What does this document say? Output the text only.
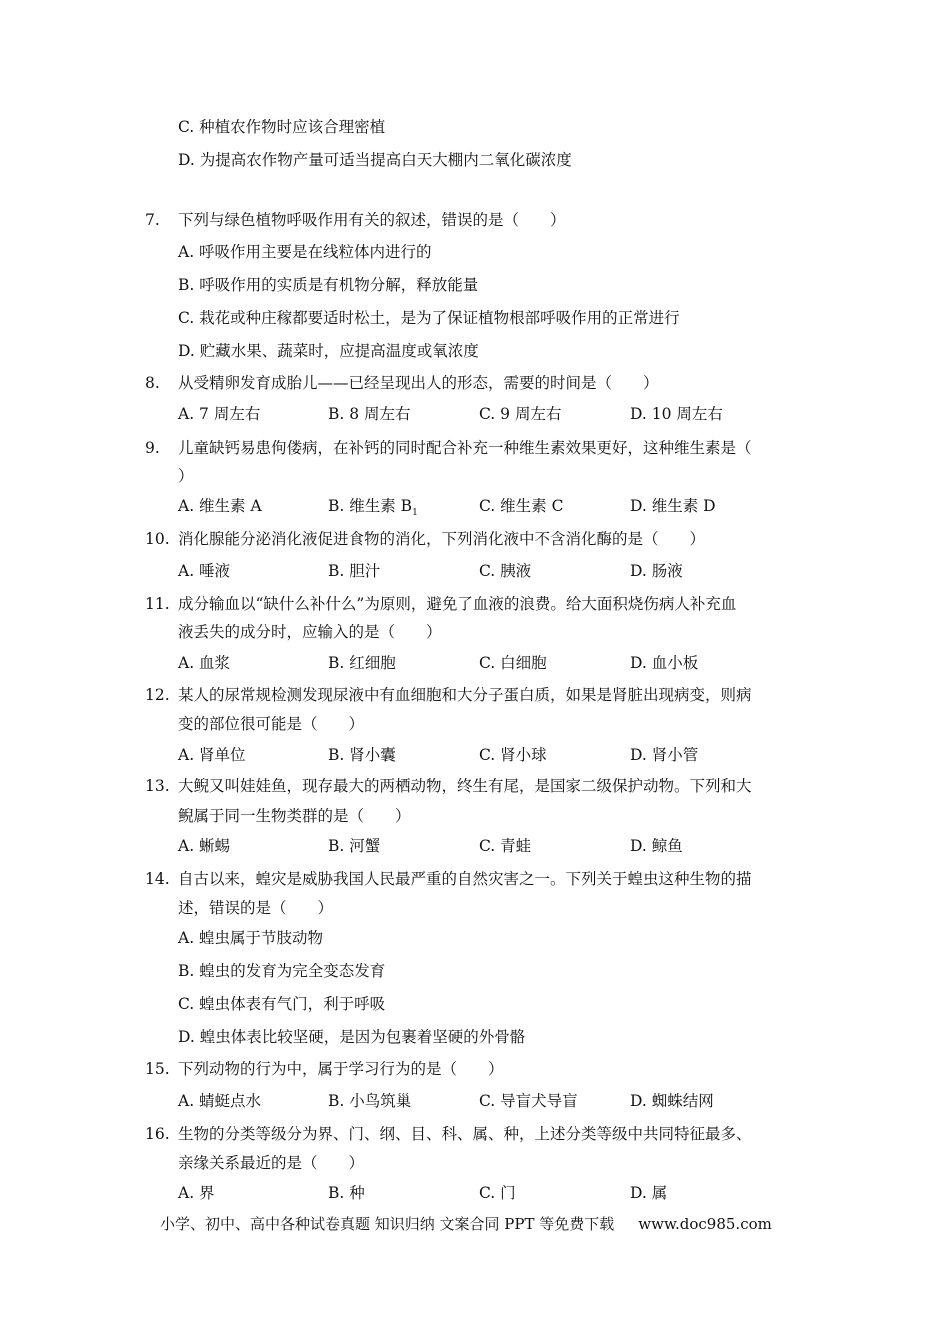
C. 种植农作物时应该合理密植
D. 为提高农作物产量可适当提高白天大棚内二氧化碳浓度
7. 下列与绿色植物呼吸作用有关的叙述，错误的是（　　）
A. 呼吸作用主要是在线粒体内进行的
B. 呼吸作用的实质是有机物分解，释放能量
C. 栽花或种庄稼都要适时松土，是为了保证植物根部呼吸作用的正常进行
D. 贮藏水果、蔬菜时，应提高温度或氧浓度
8. 从受精卵发育成胎儿——已经呈现出人的形态，需要的时间是（　　）
A. 7 周左右	B. 8 周左右	C. 9 周左右	D. 10 周左右
9. 儿童缺钙易患佝偻病，在补钙的同时配合补充一种维生素效果更好，这种维生素是（
）
A. 维生素 A	B. 维生素 $B_1$	C. 维生素 C	D. 维生素 D
10. 消化腺能分泌消化液促进食物的消化，下列消化液中不含消化酶的是（　　）
A. 唾液	B. 胆汁	C. 胰液	D. 肠液
11. 成分输血以“缺什么补什么”为原则，避免了血液的浪费。给大面积烧伤病人补充血
液丢失的成分时，应输入的是（　　）
A. 血浆	B. 红细胞	C. 白细胞	D. 血小板
12. 某人的尿常规检测发现尿液中有血细胞和大分子蛋白质，如果是肾脏出现病变，则病
变的部位很可能是（　　）
A. 肾单位	B. 肾小囊	C. 肾小球	D. 肾小管
13. 大鲵又叫娃娃鱼，现存最大的两栖动物，终生有尾，是国家二级保护动物。下列和大
鲵属于同一生物类群的是（　　）
A. 蜥蜴	B. 河蟹	C. 青蛙	D. 鲸鱼
14. 自古以来，蝗灾是威胁我国人民最严重的自然灾害之一。下列关于蝗虫这种生物的描
述，错误的是（　　）
A. 蝗虫属于节肢动物
B. 蝗虫的发育为完全变态发育
C. 蝗虫体表有气门，利于呼吸
D. 蝗虫体表比较坚硬，是因为包裹着坚硬的外骨骼
15. 下列动物的行为中，属于学习行为的是（　　）
A. 蜻蜓点水	B. 小鸟筑巢	C. 导盲犬导盲	D. 蜘蛛结网
16. 生物的分类等级分为界、门、纲、目、科、属、种，上述分类等级中共同特征最多、
亲缘关系最近的是（　　）
A. 界	B. 种	C. 门	D. 属
小学、初中、高中各种试卷真题 知识归纳 文案合同 PPT 等免费下载 www.doc985.com
